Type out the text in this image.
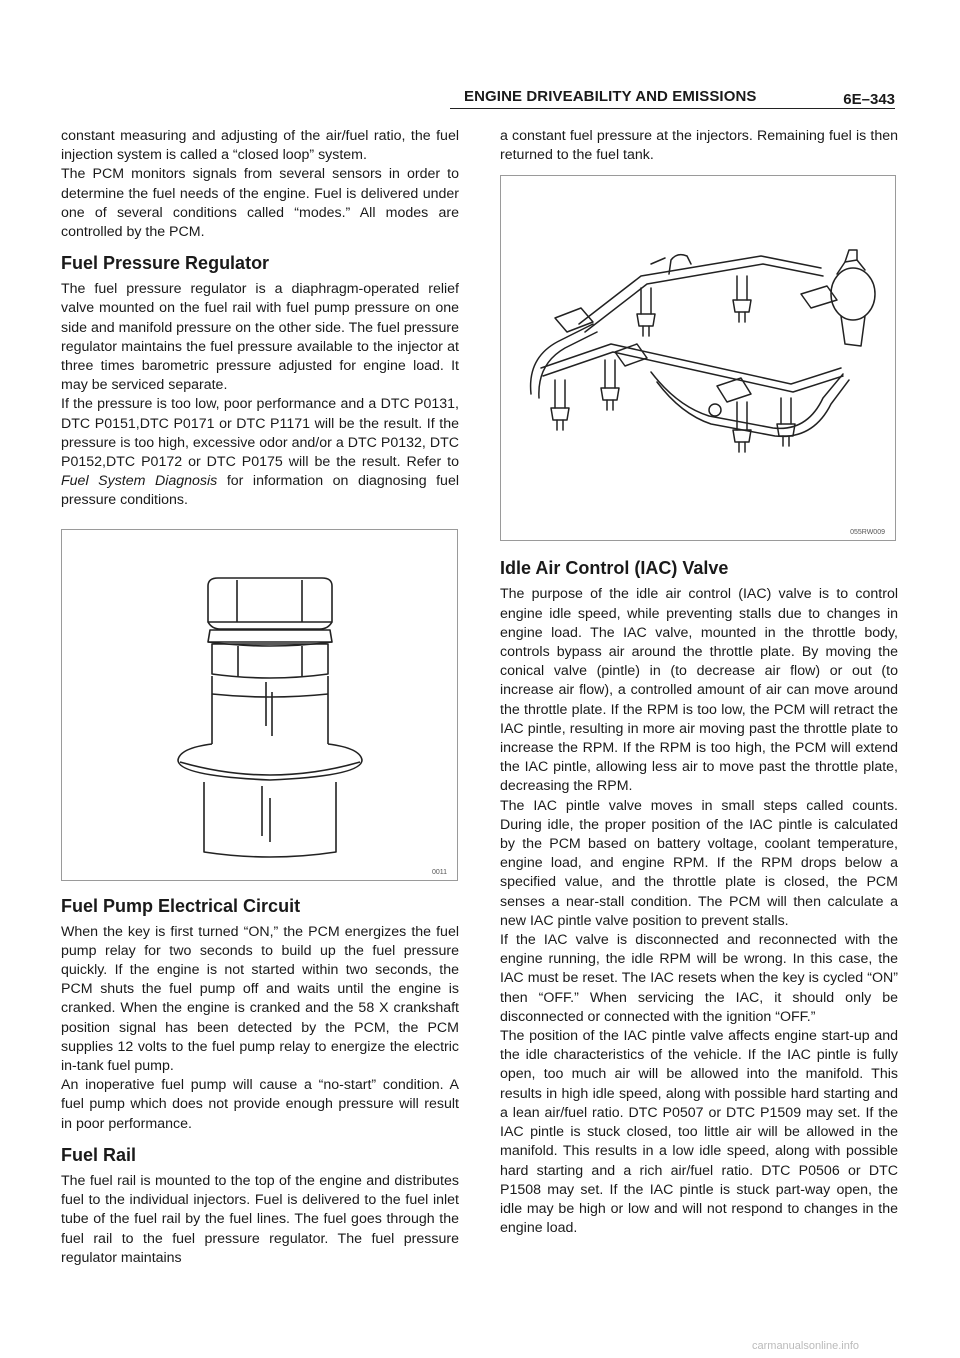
ENGINE DRIVEABILITY AND EMISSIONS	6E–343

constant measuring and adjusting of the air/fuel ratio, the fuel injection system is called a “closed loop” system.

The PCM monitors signals from several sensors in order to determine the fuel needs of the engine. Fuel is delivered under one of several conditions called “modes.” All modes are controlled by the PCM.

Fuel Pressure Regulator

The fuel pressure regulator is a diaphragm-operated relief valve mounted on the fuel rail with fuel pump pressure on one side and manifold pressure on the other side. The fuel pressure regulator maintains the fuel pressure available to the injector at three times barometric pressure adjusted for engine load. It may be serviced separate.

If the pressure is too low, poor performance and a DTC P0131, DTC P0151,DTC P0171 or DTC P1171 will be the result. If the pressure is too high, excessive odor and/or a DTC P0132, DTC P0152,DTC P0172 or DTC P0175 will be the result. Refer to Fuel System Diagnosis for information on diagnosing fuel pressure conditions.

0011
Fuel Pump Electrical Circuit

When the key is first turned “ON,” the PCM energizes the fuel pump relay for two seconds to build up the fuel pressure quickly. If the engine is not started within two seconds, the PCM shuts the fuel pump off and waits until the engine is cranked. When the engine is cranked and the 58 X crankshaft position signal has been detected by the PCM, the PCM supplies 12 volts to the fuel pump relay to energize the electric in-tank fuel pump.

An inoperative fuel pump will cause a “no-start” condition. A fuel pump which does not provide enough pressure will result in poor performance.

Fuel Rail

The fuel rail is mounted to the top of the engine and distributes fuel to the individual injectors. Fuel is delivered to the fuel inlet tube of the fuel rail by the fuel lines. The fuel goes through the fuel rail to the fuel pressure regulator. The fuel pressure regulator maintains

a constant fuel pressure at the injectors. Remaining fuel is then returned to the fuel tank.

055RW009
Idle Air Control (IAC) Valve

The purpose of the idle air control (IAC) valve is to control engine idle speed, while preventing stalls due to changes in engine load. The IAC valve, mounted in the throttle body, controls bypass air around the throttle plate. By moving the conical valve (pintle) in (to decrease air flow) or out (to increase air flow), a controlled amount of air can move around the throttle plate. If the RPM is too low, the PCM will retract the IAC pintle, resulting in more air moving past the throttle plate to increase the RPM. If the RPM is too high, the PCM will extend the IAC pintle, allowing less air to move past the throttle plate, decreasing the RPM.

The IAC pintle valve moves in small steps called counts. During idle, the proper position of the IAC pintle is calculated by the PCM based on battery voltage, coolant temperature, engine load, and engine RPM. If the RPM drops below a specified value, and the throttle plate is closed, the PCM senses a near-stall condition. The PCM will then calculate a new IAC pintle valve position to prevent stalls.

If the IAC valve is disconnected and reconnected with the engine running, the idle RPM will be wrong. In this case, the IAC must be reset. The IAC resets when the key is cycled “ON” then “OFF.” When servicing the IAC, it should only be disconnected or connected with the ignition “OFF.”

The position of the IAC pintle valve affects engine start-up and the idle characteristics of the vehicle. If the IAC pintle is fully open, too much air will be allowed into the manifold. This results in high idle speed, along with possible hard starting and a lean air/fuel ratio. DTC P0507 or DTC P1509 may set. If the IAC pintle is stuck closed, too little air will be allowed in the manifold. This results in a low idle speed, along with possible hard starting and a rich air/fuel ratio. DTC P0506 or DTC P1508 may set. If the IAC pintle is stuck part-way open, the idle may be high or low and will not respond to changes in the engine load.

carmanualsonline.info
